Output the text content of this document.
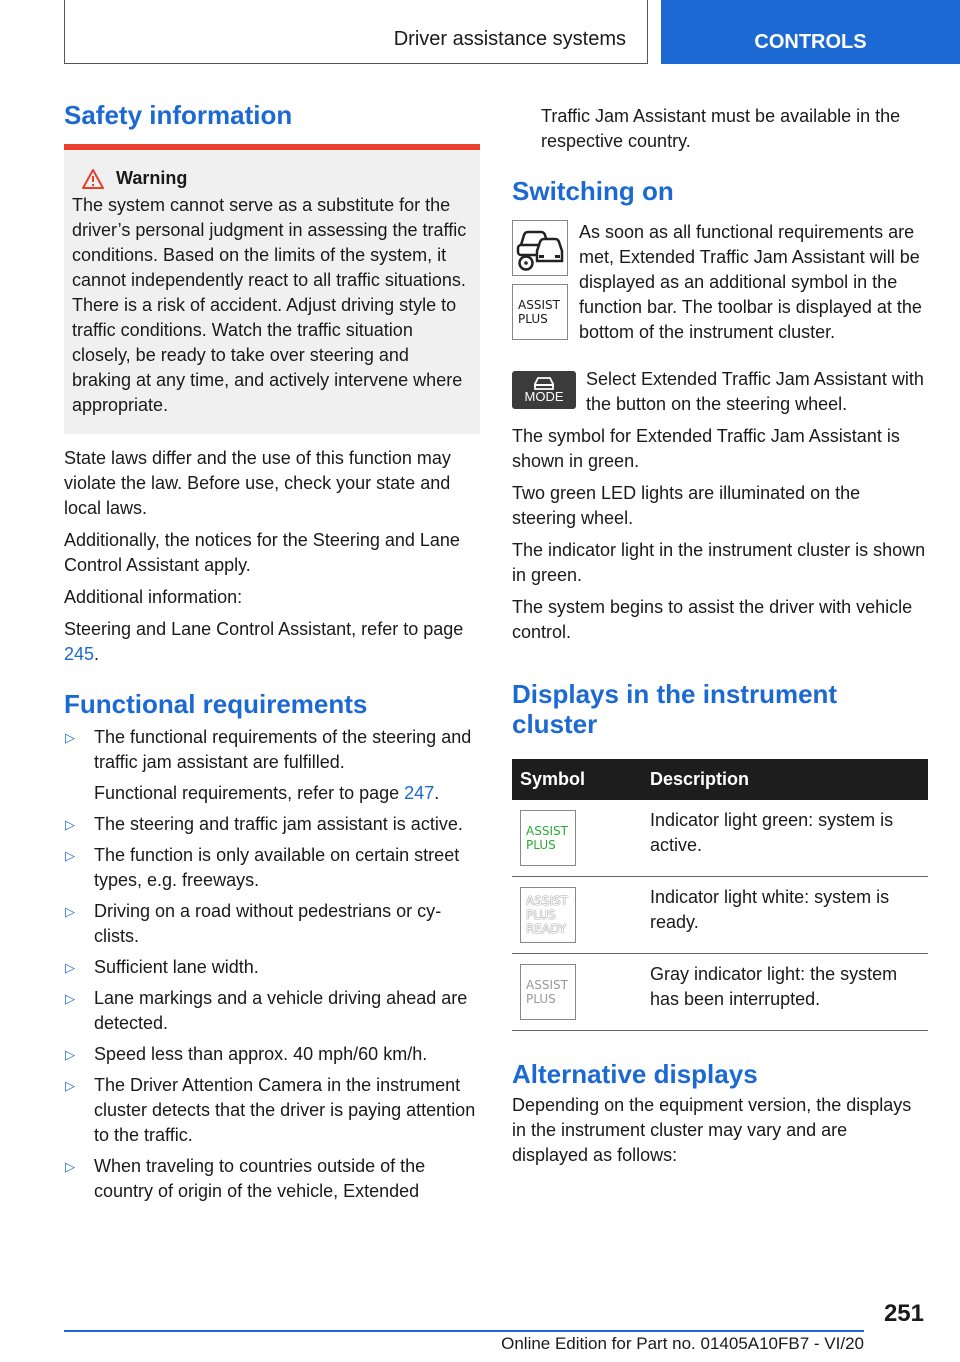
Driver assistance systems	CONTROLS
Safety information
Warning

The system cannot serve as a substitute for the driver’s personal judgment in assessing the traffic conditions. Based on the limits of the system, it cannot independently react to all traffic situations. There is a risk of accident. Adjust driving style to traffic conditions. Watch the traffic situation closely, be ready to take over steering and braking at any time, and actively intervene where appropriate.

State laws differ and the use of this function may violate the law. Before use, check your state and local laws.

Additionally, the notices for the Steering and Lane Control Assistant apply.

Additional information:

Steering and Lane Control Assistant, refer to page 245.

Functional requirements
▷	The functional requirements of the steering and traffic jam assistant are fulfilled.

Functional requirements, refer to page 247.

▷	The steering and traffic jam assistant is active.

▷	The function is only available on certain street types, e.g. freeways.

▷	Driving on a road without pedestrians or cyclists.

▷	Sufficient lane width.

▷	Lane markings and a vehicle driving ahead are detected.

▷	Speed less than approx. 40 mph/60 km/h.

▷	The Driver Attention Camera in the instrument cluster detects that the driver is paying attention to the traffic.

▷	When traveling to countries outside of the country of origin of the vehicle, Extended

Traffic Jam Assistant must be available in the respective country.

Switching on
ASSIST PLUS

As soon as all functional requirements are met, Extended Traffic Jam Assistant will be displayed as an additional symbol in the function bar. The toolbar is displayed at the bottom of the instrument cluster.

MODE

Select Extended Traffic Jam Assistant with the button on the steering wheel.

The symbol for Extended Traffic Jam Assistant is shown in green.

Two green LED lights are illuminated on the steering wheel.

The indicator light in the instrument cluster is shown in green.

The system begins to assist the driver with vehicle control.

Displays in the instrument cluster
Symbol	Description

ASSIST PLUS	Indicator light green: system is active.

ASSIST PLUS READY	Indicator light white: system is ready.

ASSIST PLUS	Gray indicator light: the system has been interrupted.
Alternative displays

Depending on the equipment version, the displays in the instrument cluster may vary and are displayed as follows:

251
Online Edition for Part no. 01405A10FB7 - VI/20
